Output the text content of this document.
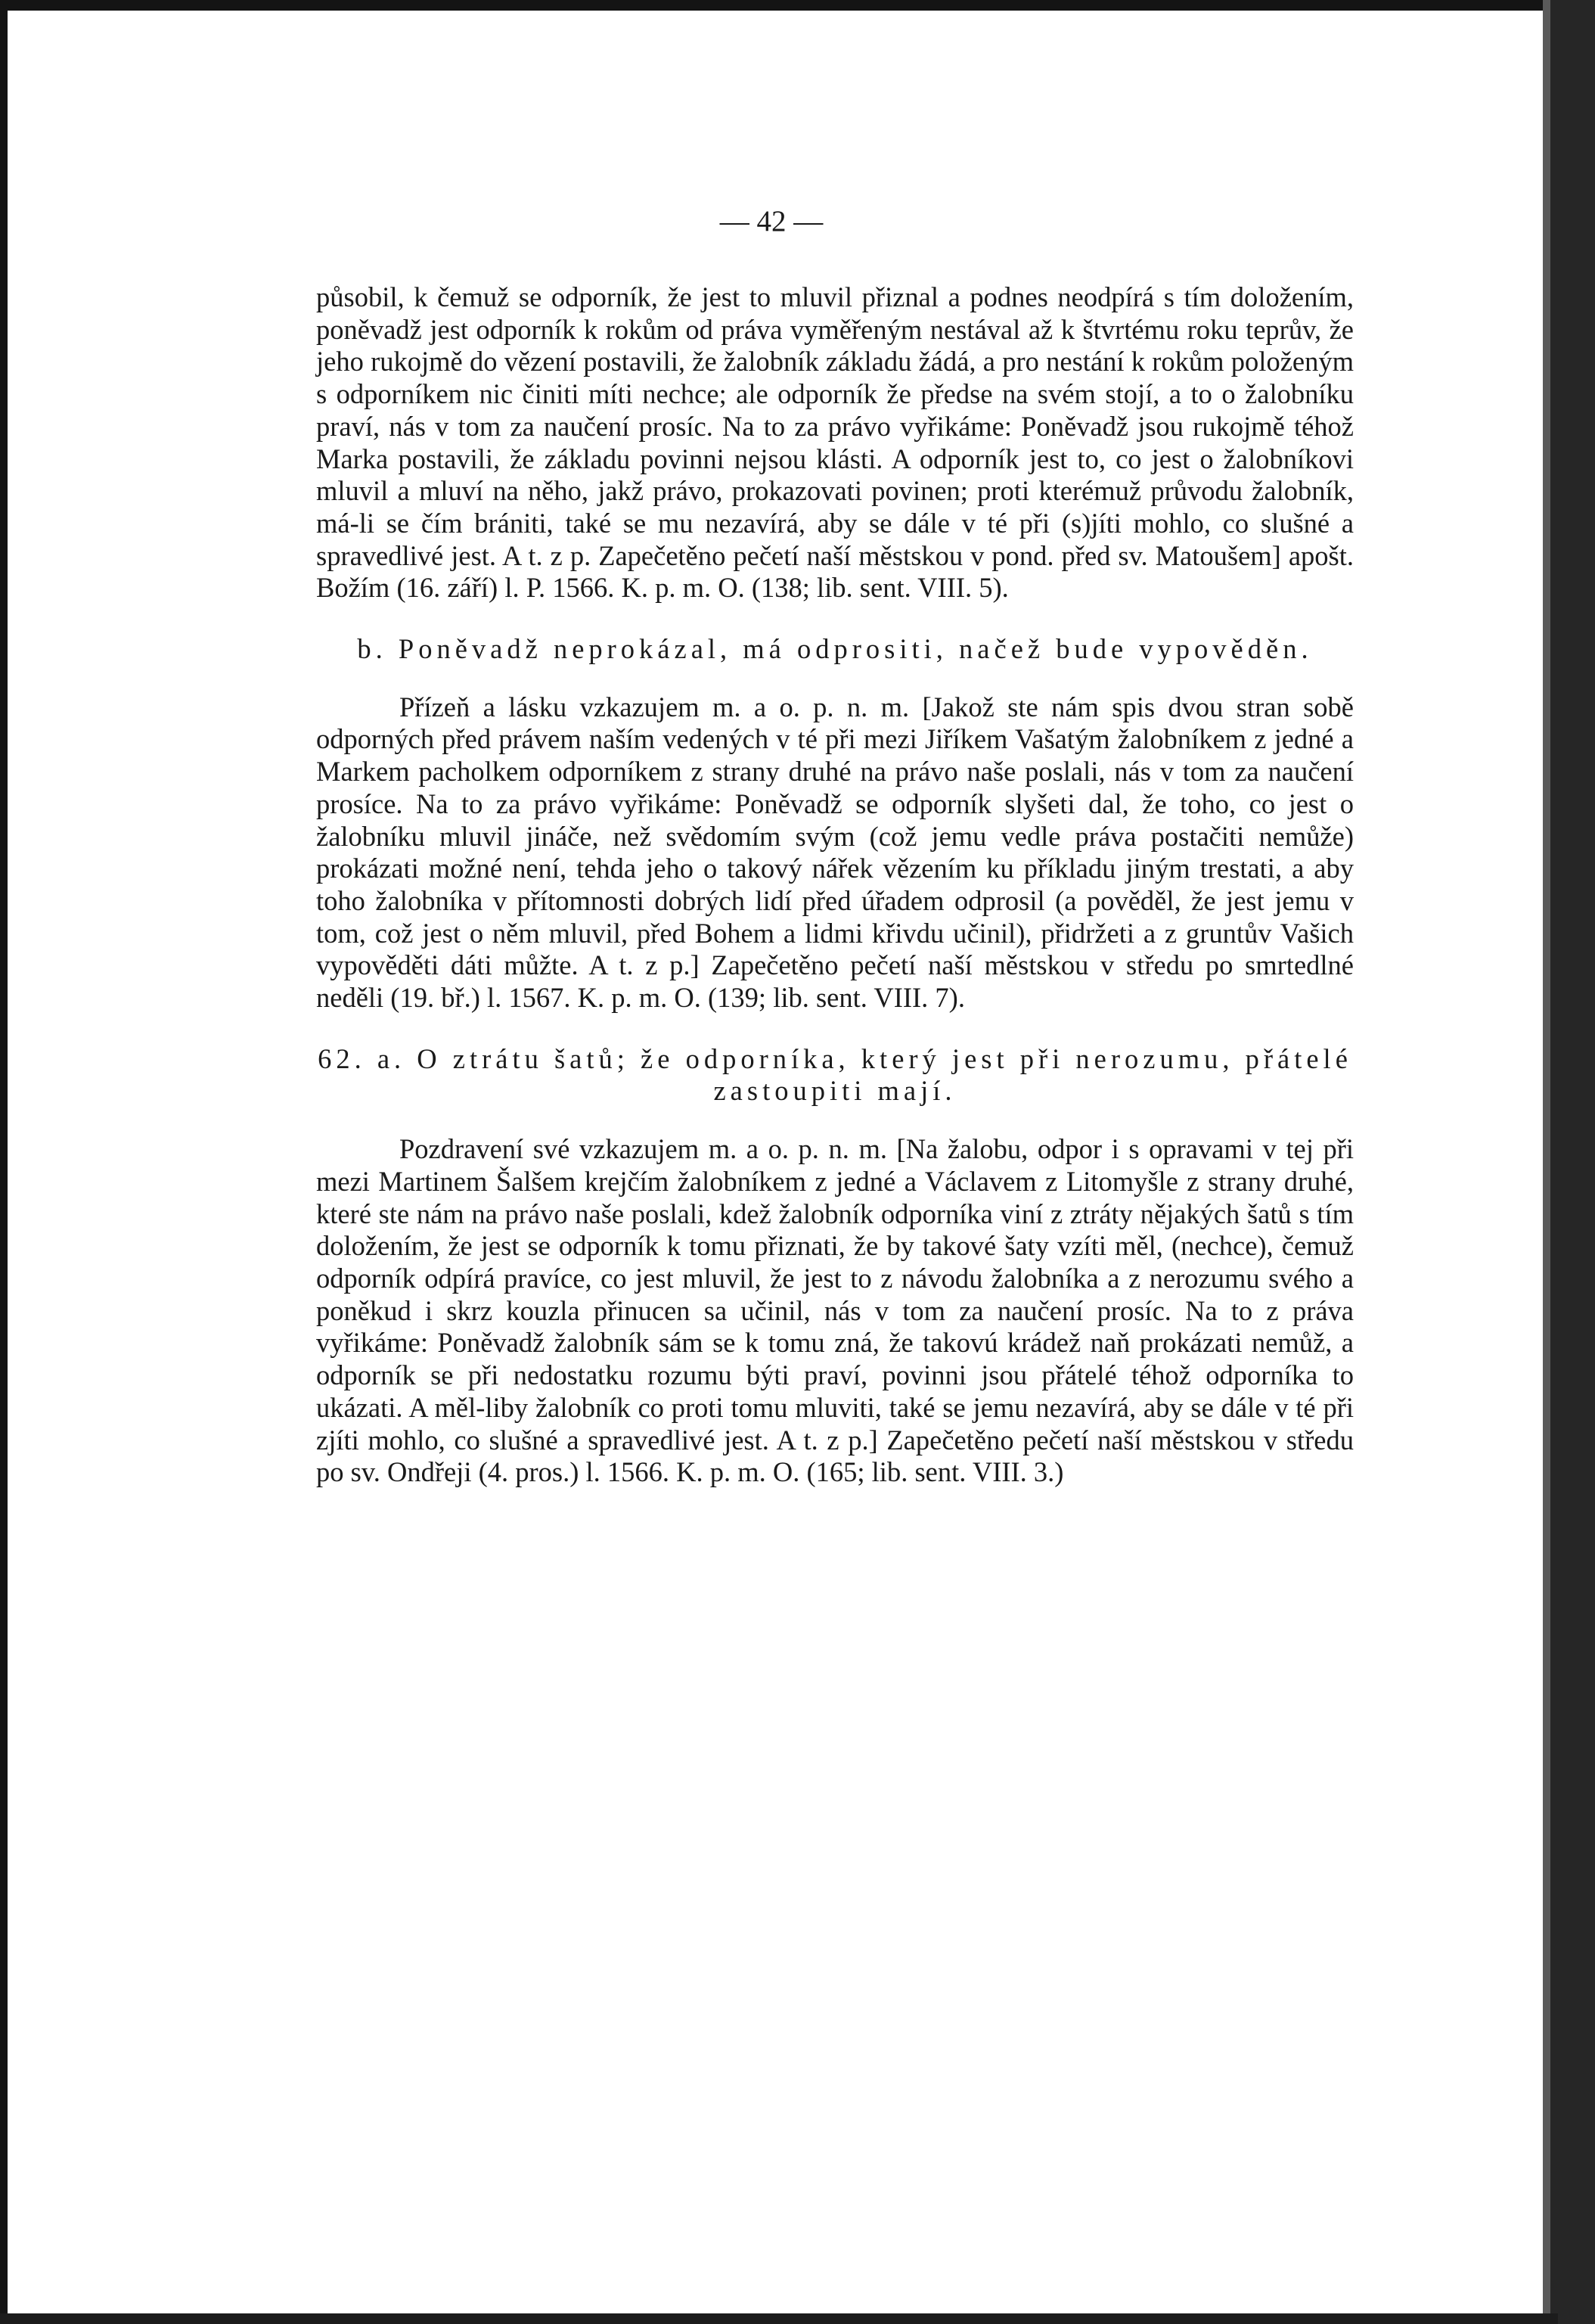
— 42 —

působil, k čemuž se odporník, že jest to mluvil přiznal a podnes neodpírá s tím doložením, poněvadž jest odporník k rokům od práva vyměřeným nestával až k štvrtému roku teprův, že jeho rukojmě do vězení postavili, že žalobník základu žádá, a pro nestání k rokům položeným s odporníkem nic činiti míti nechce; ale odporník že předse na svém stojí, a to o žalobníku praví, nás v tom za naučení prosíc. Na to za právo vyřikáme: Poněvadž jsou rukojmě téhož Marka postavili, že základu povinni nejsou klásti. A odporník jest to, co jest o žalobníkovi mluvil a mluví na něho, jakž právo, prokazovati povinen; proti kterémuž průvodu žalobník, má-li se čím brániti, také se mu nezavírá, aby se dále v té při (s)jíti mohlo, co slušné a spravedlivé jest. A t. z p. Zapečetěno pečetí naší městskou v pond. před sv. Matoušem] apošt. Božím (16. září) l. P. 1566. K. p. m. O. (138; lib. sent. VIII. 5).

b. Poněvadž neprokázal, má odprositi, načež bude vypověděn.

Přízeň a lásku vzkazujem m. a o. p. n. m. [Jakož ste nám spis dvou stran sobě odporných před právem naším vedených v té při mezi Jiříkem Vašatým žalobníkem z jedné a Markem pacholkem odporníkem z strany druhé na právo naše poslali, nás v tom za naučení prosíce. Na to za právo vyřikáme: Poněvadž se odporník slyšeti dal, že toho, co jest o žalobníku mluvil jináče, než svědomím svým (což jemu vedle práva postačiti nemůže) prokázati možné není, tehda jeho o takový nářek vězením ku příkladu jiným trestati, a aby toho žalobníka v přítomnosti dobrých lidí před úřadem odprosil (a pověděl, že jest jemu v tom, což jest o něm mluvil, před Bohem a lidmi křivdu učinil), přidržeti a z gruntův Vašich vypověděti dáti můžte. A t. z p.] Zapečetěno pečetí naší městskou v středu po smrtedlné neděli (19. bř.) l. 1567. K. p. m. O. (139; lib. sent. VIII. 7).

62. a. O ztrátu šatů; že odporníka, který jest při nerozumu, přátelé zastoupiti mají.

Pozdravení své vzkazujem m. a o. p. n. m. [Na žalobu, odpor i s opravami v tej při mezi Martinem Šalšem krejčím žalobníkem z jedné a Václavem z Litomyšle z strany druhé, které ste nám na právo naše poslali, kdež žalobník odporníka viní z ztráty nějakých šatů s tím doložením, že jest se odporník k tomu přiznati, že by takové šaty vzíti měl, (nechce), čemuž odporník odpírá pravíce, co jest mluvil, že jest to z návodu žalobníka a z nerozumu svého a poněkud i skrz kouzla přinucen sa učinil, nás v tom za naučení prosíc. Na to z práva vyřikáme: Poněvadž žalobník sám se k tomu zná, že takovú krádež naň prokázati nemůž, a odporník se při nedostatku rozumu býti praví, povinni jsou přátelé téhož odporníka to ukázati. A měl-liby žalobník co proti tomu mluviti, také se jemu nezavírá, aby se dále v té při zjíti mohlo, co slušné a spravedlivé jest. A t. z p.] Zapečetěno pečetí naší městskou v středu po sv. Ondřeji (4. pros.) l. 1566. K. p. m. O. (165; lib. sent. VIII. 3.)
